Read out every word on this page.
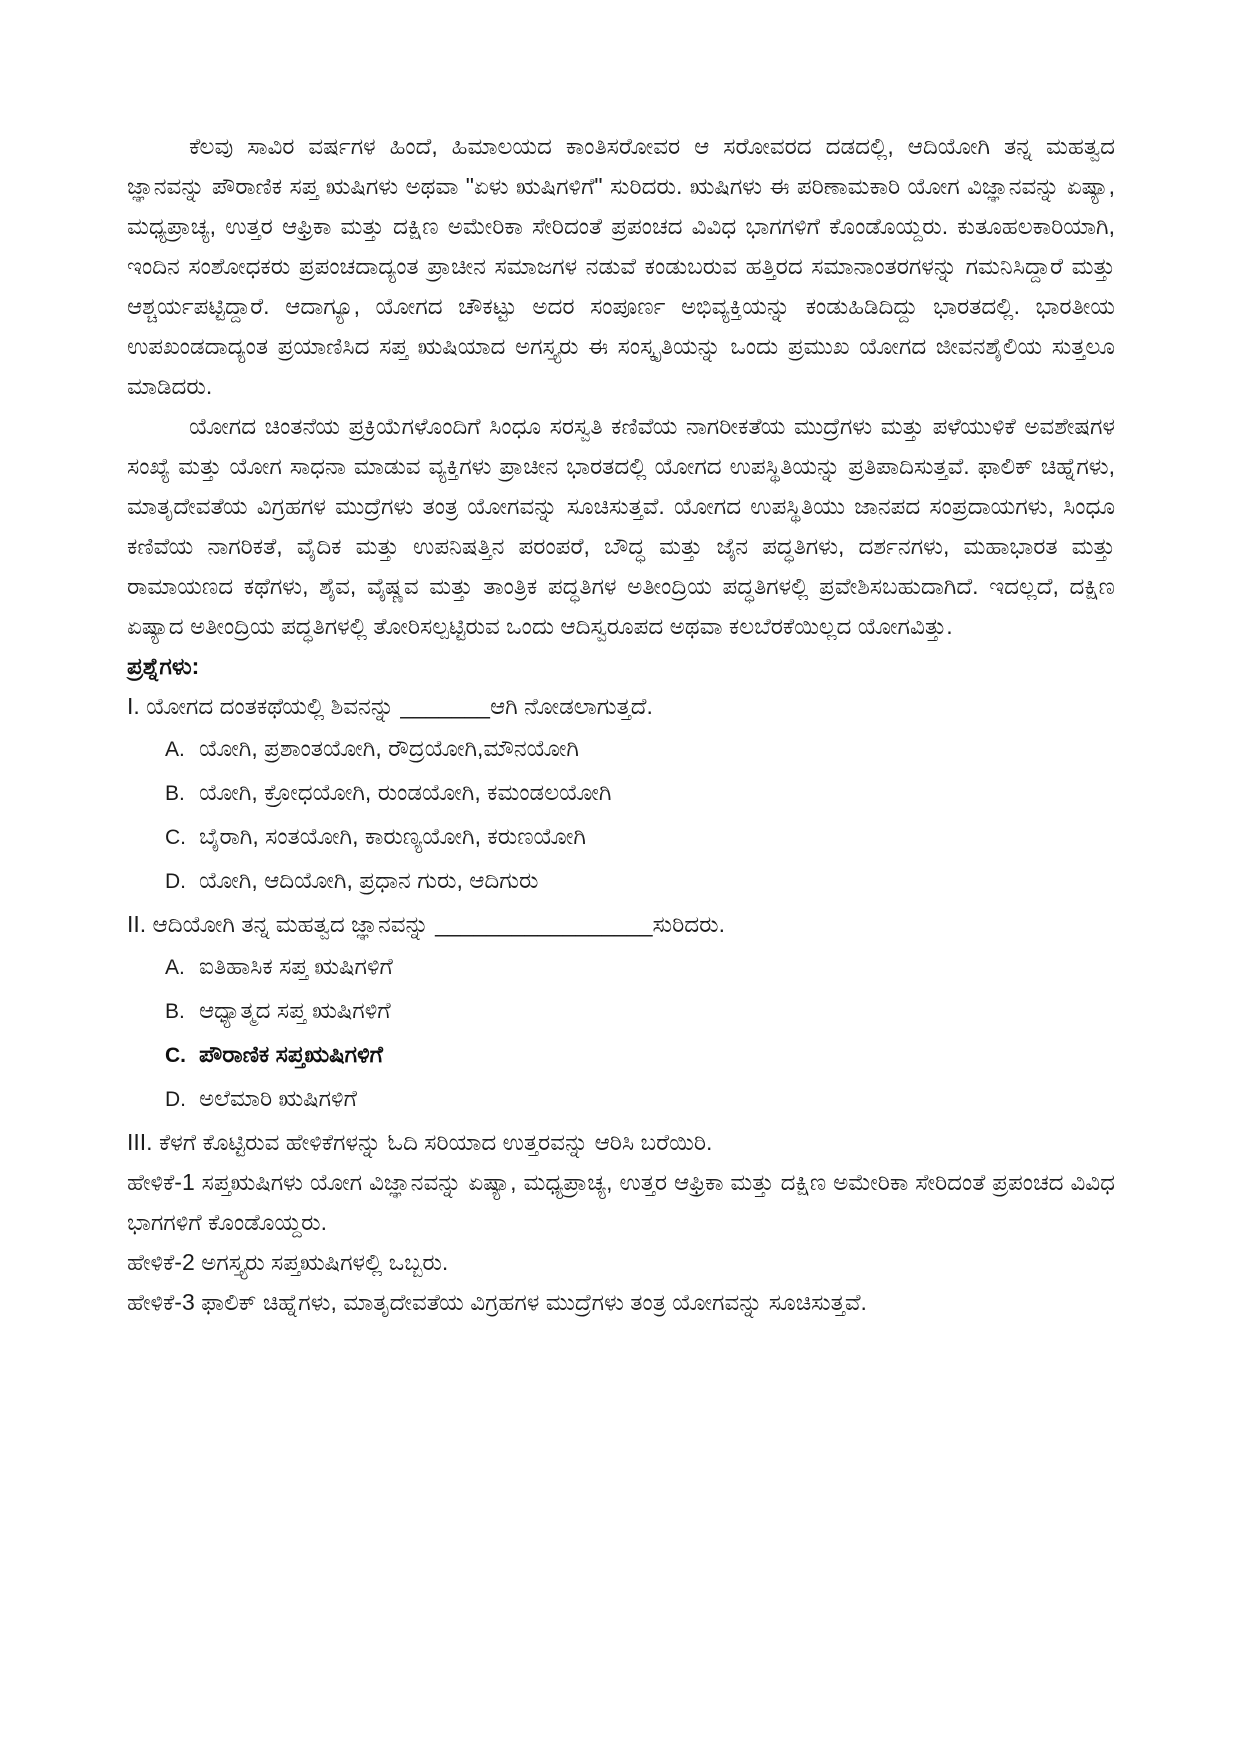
ಕೆಲವು ಸಾವಿರ ವರ್ಷಗಳ ಹಿಂದೆ, ಹಿಮಾಲಯದ ಕಾಂತಿಸರೋವರ ಆ ಸರೋವರದ ದಡದಲ್ಲಿ, ಆದಿಯೋಗಿ ತನ್ನ ಮಹತ್ವದ ಜ್ಞಾನವನ್ನು ಪೌರಾಣಿಕ ಸಪ್ತ ಋಷಿಗಳು ಅಥವಾ "ಏಳು ಋಷಿಗಳಿಗೆ" ಸುರಿದರು. ಋಷಿಗಳು ಈ ಪರಿಣಾಮಕಾರಿ ಯೋಗ ವಿಜ್ಞಾನವನ್ನು ಏಷ್ಯಾ, ಮಧ್ಯಪ್ರಾಚ್ಯ, ಉತ್ತರ ಆಫ್ರಿಕಾ ಮತ್ತು ದಕ್ಷಿಣ ಅಮೇರಿಕಾ ಸೇರಿದಂತೆ ಪ್ರಪಂಚದ ವಿವಿಧ ಭಾಗಗಳಿಗೆ ಕೊಂಡೊಯ್ದರು. ಕುತೂಹಲಕಾರಿಯಾಗಿ, ಇಂದಿನ ಸಂಶೋಧಕರು ಪ್ರಪಂಚದಾದ್ಯಂತ ಪ್ರಾಚೀನ ಸಮಾಜಗಳ ನಡುವೆ ಕಂಡುಬರುವ ಹತ್ತಿರದ ಸಮಾನಾಂತರಗಳನ್ನು ಗಮನಿಸಿದ್ದಾರೆ ಮತ್ತು ಆಶ್ಚರ್ಯಪಟ್ಟಿದ್ದಾರೆ. ಆದಾಗ್ಯೂ, ಯೋಗದ ಚೌಕಟ್ಟು ಅದರ ಸಂಪೂರ್ಣ ಅಭಿವ್ಯಕ್ತಿಯನ್ನು ಕಂಡುಹಿಡಿದಿದ್ದು ಭಾರತದಲ್ಲಿ. ಭಾರತೀಯ ಉಪಖಂಡದಾದ್ಯಂತ ಪ್ರಯಾಣಿಸಿದ ಸಪ್ತ ಋಷಿಯಾದ ಅಗಸ್ತ್ಯರು ಈ ಸಂಸ್ಕೃತಿಯನ್ನು ಒಂದು ಪ್ರಮುಖ ಯೋಗದ ಜೀವನಶೈಲಿಯ ಸುತ್ತಲೂ ಮಾಡಿದರು.

ಯೋಗದ ಚಿಂತನೆಯ ಪ್ರಕ್ರಿಯೆಗಳೊಂದಿಗೆ ಸಿಂಧೂ ಸರಸ್ವತಿ ಕಣಿವೆಯ ನಾಗರೀಕತೆಯ ಮುದ್ರೆಗಳು ಮತ್ತು ಪಳೆಯುಳಿಕೆ ಅವಶೇಷಗಳ ಸಂಖ್ಯೆ ಮತ್ತು ಯೋಗ ಸಾಧನಾ ಮಾಡುವ ವ್ಯಕ್ತಿಗಳು ಪ್ರಾಚೀನ ಭಾರತದಲ್ಲಿ ಯೋಗದ ಉಪಸ್ಥಿತಿಯನ್ನು ಪ್ರತಿಪಾದಿಸುತ್ತವೆ. ಫಾಲಿಕ್ ಚಿಹ್ನೆಗಳು, ಮಾತೃದೇವತೆಯ ವಿಗ್ರಹಗಳ ಮುದ್ರೆಗಳು ತಂತ್ರ ಯೋಗವನ್ನು ಸೂಚಿಸುತ್ತವೆ. ಯೋಗದ ಉಪಸ್ಥಿತಿಯು ಜಾನಪದ ಸಂಪ್ರದಾಯಗಳು, ಸಿಂಧೂ ಕಣಿವೆಯ ನಾಗರಿಕತೆ, ವೈದಿಕ ಮತ್ತು ಉಪನಿಷತ್ತಿನ ಪರಂಪರೆ, ಬೌದ್ಧ ಮತ್ತು ಜೈನ ಪದ್ಧತಿಗಳು, ದರ್ಶನಗಳು, ಮಹಾಭಾರತ ಮತ್ತು ರಾಮಾಯಣದ ಕಥೆಗಳು, ಶೈವ, ವೈಷ್ಣವ ಮತ್ತು ತಾಂತ್ರಿಕ ಪದ್ಧತಿಗಳ ಅತೀಂದ್ರಿಯ ಪದ್ಧತಿಗಳಲ್ಲಿ ಪ್ರವೇಶಿಸಬಹುದಾಗಿದೆ. ಇದಲ್ಲದೆ, ದಕ್ಷಿಣ ಏಷ್ಯಾದ ಅತೀಂದ್ರಿಯ ಪದ್ಧತಿಗಳಲ್ಲಿ ತೋರಿಸಲ್ಪಟ್ಟಿರುವ ಒಂದು ಆದಿಸ್ವರೂಪದ ಅಥವಾ ಕಲಬೆರಕೆಯಿಲ್ಲದ ಯೋಗವಿತ್ತು.

ಪ್ರಶ್ನೆಗಳು:

I. ಯೋಗದ ದಂತಕಥೆಯಲ್ಲಿ ಶಿವನನ್ನು _______ಆಗಿ ನೋಡಲಾಗುತ್ತದೆ.

A. ಯೋಗಿ, ಪ್ರಶಾಂತಯೋಗಿ, ರೌದ್ರಯೋಗಿ,ಮೌನಯೋಗಿ
B. ಯೋಗಿ, ಕ್ರೋಧಯೋಗಿ, ರುಂಡಯೋಗಿ, ಕಮಂಡಲಯೋಗಿ
C. ಬೈರಾಗಿ, ಸಂತಯೋಗಿ, ಕಾರುಣ್ಯಯೋಗಿ, ಕರುಣಯೋಗಿ
D. ಯೋಗಿ, ಆದಿಯೋಗಿ, ಪ್ರಧಾನ ಗುರು, ಆದಿಗುರು

II. ಆದಿಯೋಗಿ ತನ್ನ ಮಹತ್ವದ ಜ್ಞಾನವನ್ನು _________________ಸುರಿದರು.

A. ಐತಿಹಾಸಿಕ ಸಪ್ತ ಋಷಿಗಳಿಗೆ
B. ಆಧ್ಯಾತ್ಮದ ಸಪ್ತ ಋಷಿಗಳಿಗೆ
C. ಪೌರಾಣಿಕ ಸಪ್ತಋಷಿಗಳಿಗೆ
D. ಅಲೆಮಾರಿ ಋಷಿಗಳಿಗೆ

III. ಕೆಳಗೆ ಕೊಟ್ಟಿರುವ ಹೇಳಿಕೆಗಳನ್ನು ಓದಿ ಸರಿಯಾದ ಉತ್ತರವನ್ನು ಆರಿಸಿ ಬರೆಯಿರಿ.

ಹೇಳಿಕೆ-1 ಸಪ್ತಋಷಿಗಳು ಯೋಗ ವಿಜ್ಞಾನವನ್ನು ಏಷ್ಯಾ, ಮಧ್ಯಪ್ರಾಚ್ಯ, ಉತ್ತರ ಆಫ್ರಿಕಾ ಮತ್ತು ದಕ್ಷಿಣ ಅಮೇರಿಕಾ ಸೇರಿದಂತೆ ಪ್ರಪಂಚದ ವಿವಿಧ ಭಾಗಗಳಿಗೆ ಕೊಂಡೊಯ್ದರು.

ಹೇಳಿಕೆ-2 ಅಗಸ್ತ್ಯರು ಸಪ್ತಋಷಿಗಳಲ್ಲಿ ಒಬ್ಬರು.

ಹೇಳಿಕೆ-3 ಫಾಲಿಕ್ ಚಿಹ್ನೆಗಳು, ಮಾತೃದೇವತೆಯ ವಿಗ್ರಹಗಳ ಮುದ್ರೆಗಳು ತಂತ್ರ ಯೋಗವನ್ನು ಸೂಚಿಸುತ್ತವೆ.
